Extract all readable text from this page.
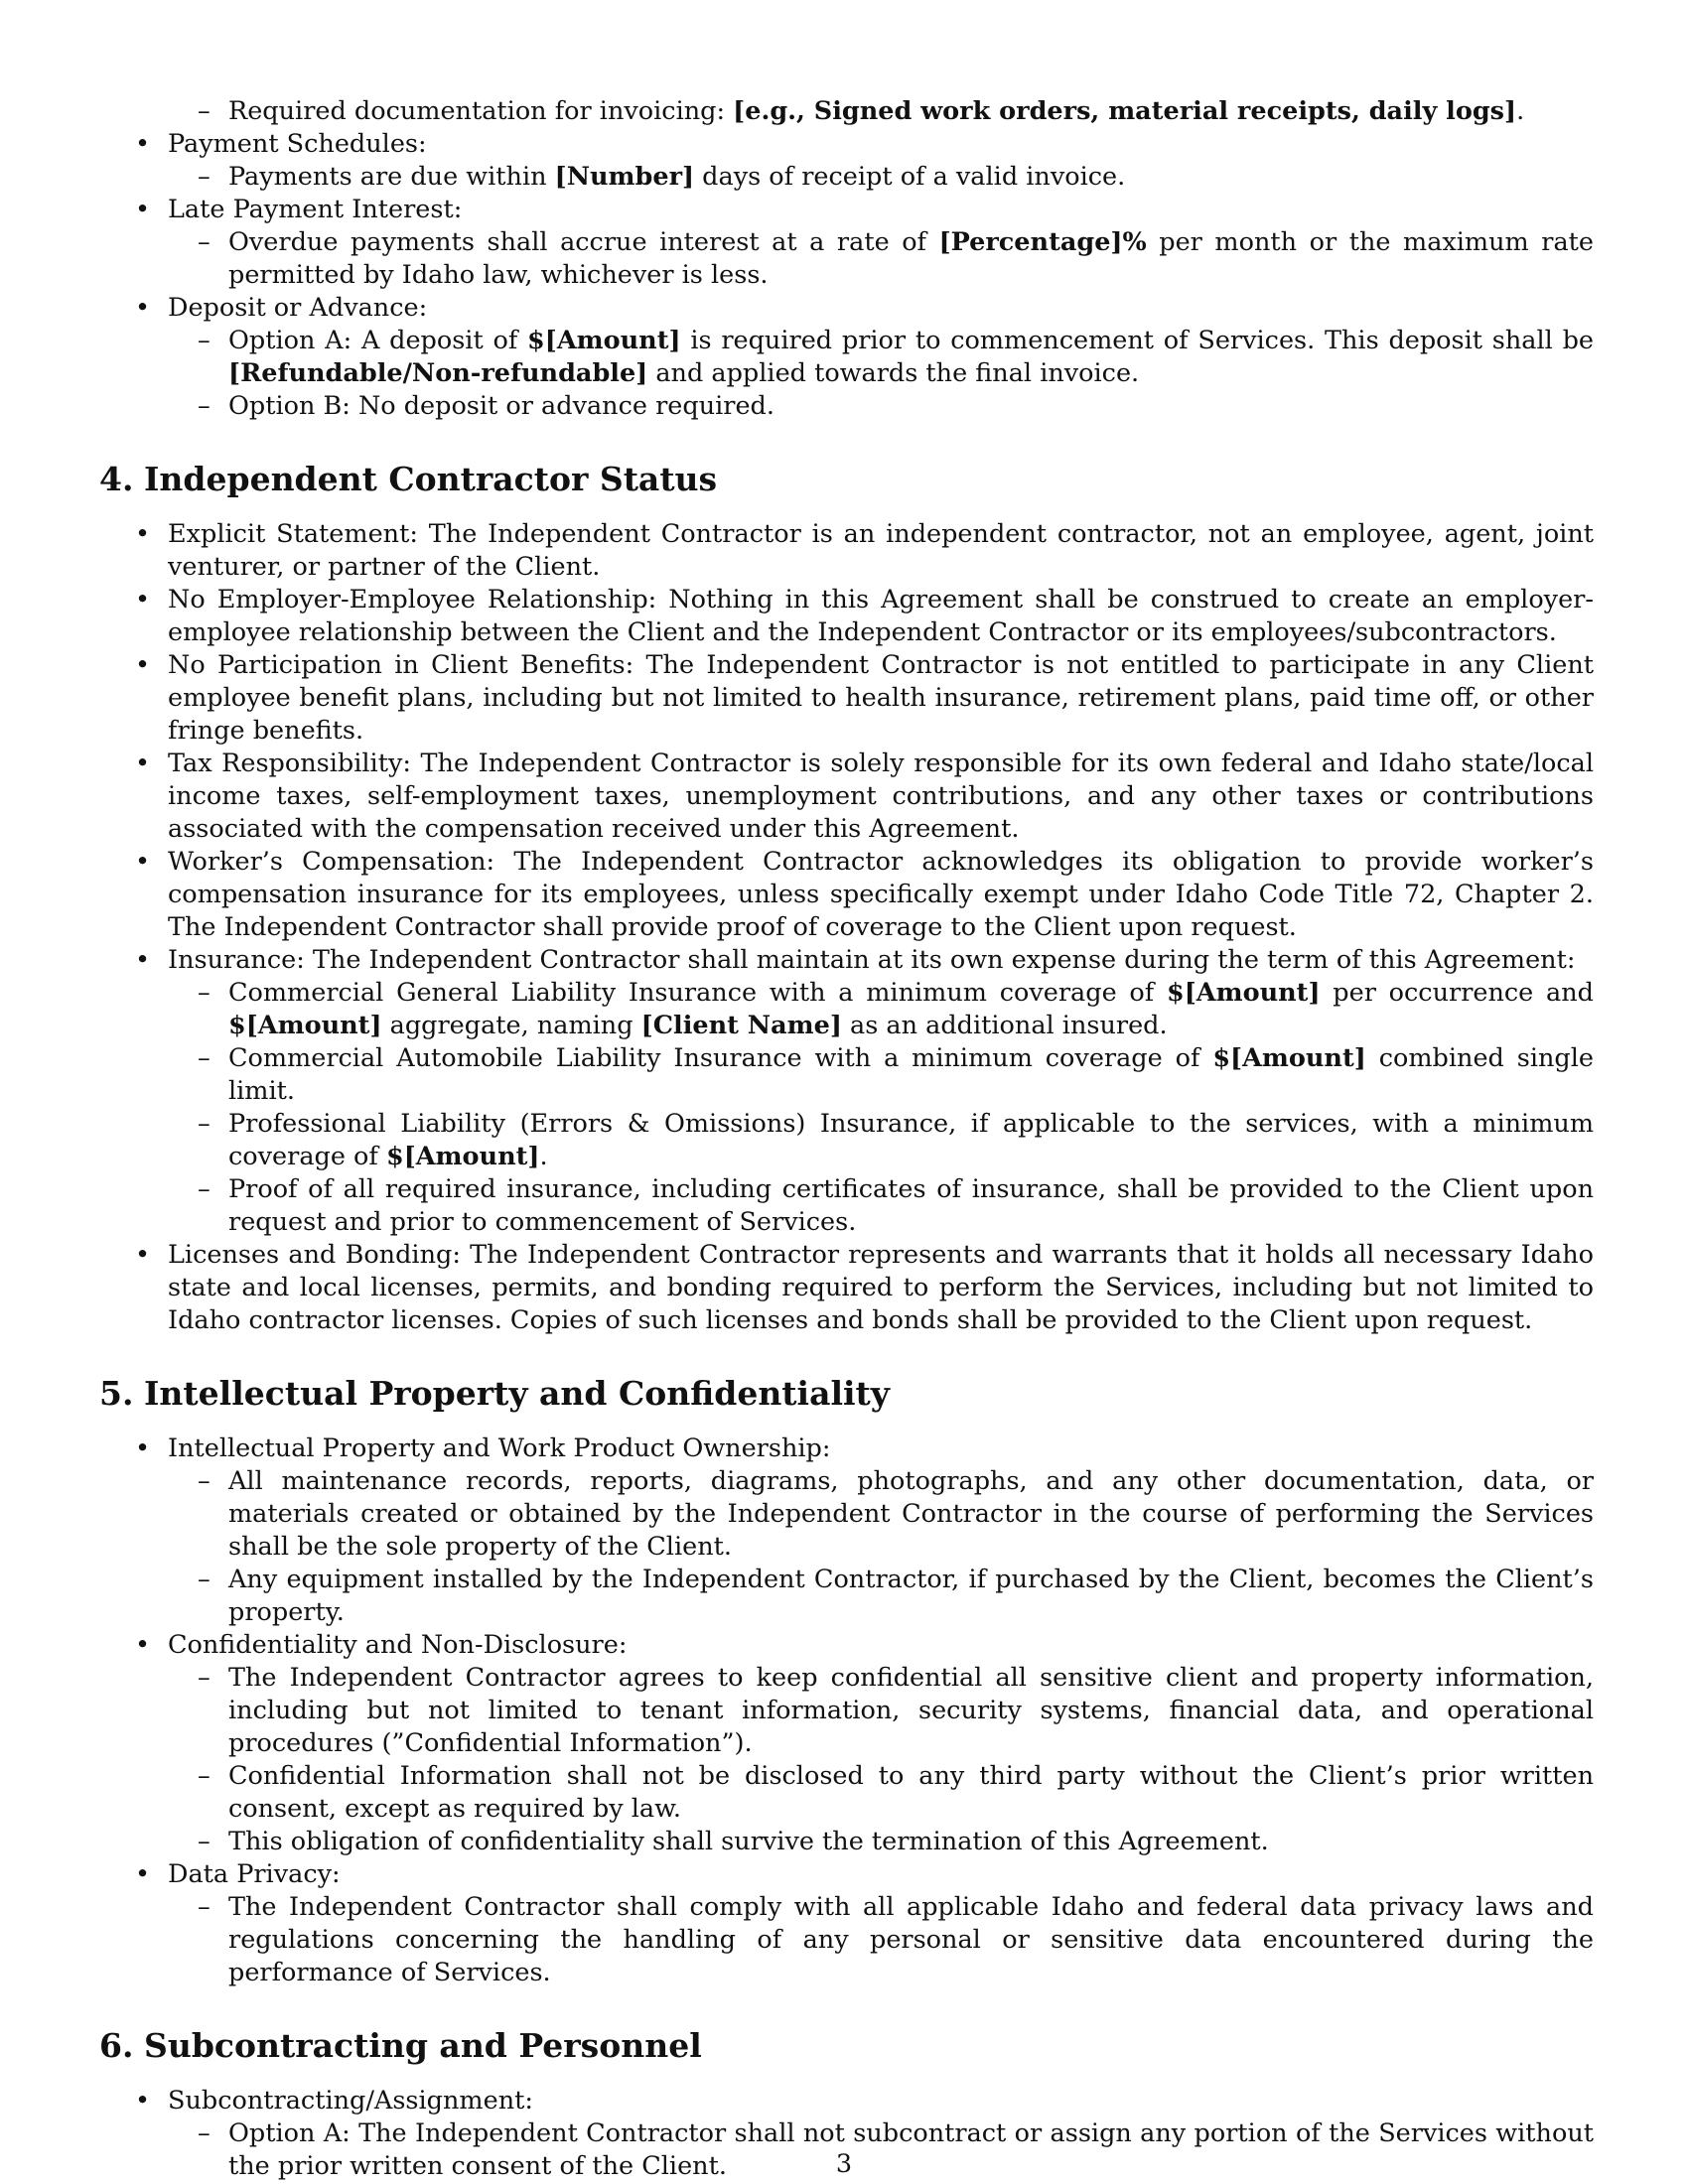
– Required documentation for invoicing: [e.g., Signed work orders, material receipts, daily logs].
• Payment Schedules:
– Payments are due within [Number] days of receipt of a valid invoice.
• Late Payment Interest:
– Overdue payments shall accrue interest at a rate of [Percentage]% per month or the maximum rate permitted by Idaho law, whichever is less.
• Deposit or Advance:
– Option A: A deposit of $[Amount] is required prior to commencement of Services. This deposit shall be [Refundable/Non-refundable] and applied towards the final invoice.
– Option B: No deposit or advance required.
4. Independent Contractor Status
• Explicit Statement: The Independent Contractor is an independent contractor, not an employee, agent, joint venturer, or partner of the Client.
• No Employer-Employee Relationship: Nothing in this Agreement shall be construed to create an employer-employee relationship between the Client and the Independent Contractor or its employees/subcontractors.
• No Participation in Client Benefits: The Independent Contractor is not entitled to participate in any Client employee benefit plans, including but not limited to health insurance, retirement plans, paid time off, or other fringe benefits.
• Tax Responsibility: The Independent Contractor is solely responsible for its own federal and Idaho state/local income taxes, self-employment taxes, unemployment contributions, and any other taxes or contributions associated with the compensation received under this Agreement.
• Worker’s Compensation: The Independent Contractor acknowledges its obligation to provide worker’s compensation insurance for its employees, unless specifically exempt under Idaho Code Title 72, Chapter 2. The Independent Contractor shall provide proof of coverage to the Client upon request.
• Insurance: The Independent Contractor shall maintain at its own expense during the term of this Agreement:
– Commercial General Liability Insurance with a minimum coverage of $[Amount] per occurrence and $[Amount] aggregate, naming [Client Name] as an additional insured.
– Commercial Automobile Liability Insurance with a minimum coverage of $[Amount] combined single limit.
– Professional Liability (Errors & Omissions) Insurance, if applicable to the services, with a minimum coverage of $[Amount].
– Proof of all required insurance, including certificates of insurance, shall be provided to the Client upon request and prior to commencement of Services.
• Licenses and Bonding: The Independent Contractor represents and warrants that it holds all necessary Idaho state and local licenses, permits, and bonding required to perform the Services, including but not limited to Idaho contractor licenses. Copies of such licenses and bonds shall be provided to the Client upon request.
5. Intellectual Property and Confidentiality
• Intellectual Property and Work Product Ownership:
– All maintenance records, reports, diagrams, photographs, and any other documentation, data, or materials created or obtained by the Independent Contractor in the course of performing the Services shall be the sole property of the Client.
– Any equipment installed by the Independent Contractor, if purchased by the Client, becomes the Client’s property.
• Confidentiality and Non-Disclosure:
– The Independent Contractor agrees to keep confidential all sensitive client and property information, including but not limited to tenant information, security systems, financial data, and operational procedures (”Confidential Information”).
– Confidential Information shall not be disclosed to any third party without the Client’s prior written consent, except as required by law.
– This obligation of confidentiality shall survive the termination of this Agreement.
• Data Privacy:
– The Independent Contractor shall comply with all applicable Idaho and federal data privacy laws and regulations concerning the handling of any personal or sensitive data encountered during the performance of Services.
6. Subcontracting and Personnel
• Subcontracting/Assignment:
– Option A: The Independent Contractor shall not subcontract or assign any portion of the Services without the prior written consent of the Client.	3
